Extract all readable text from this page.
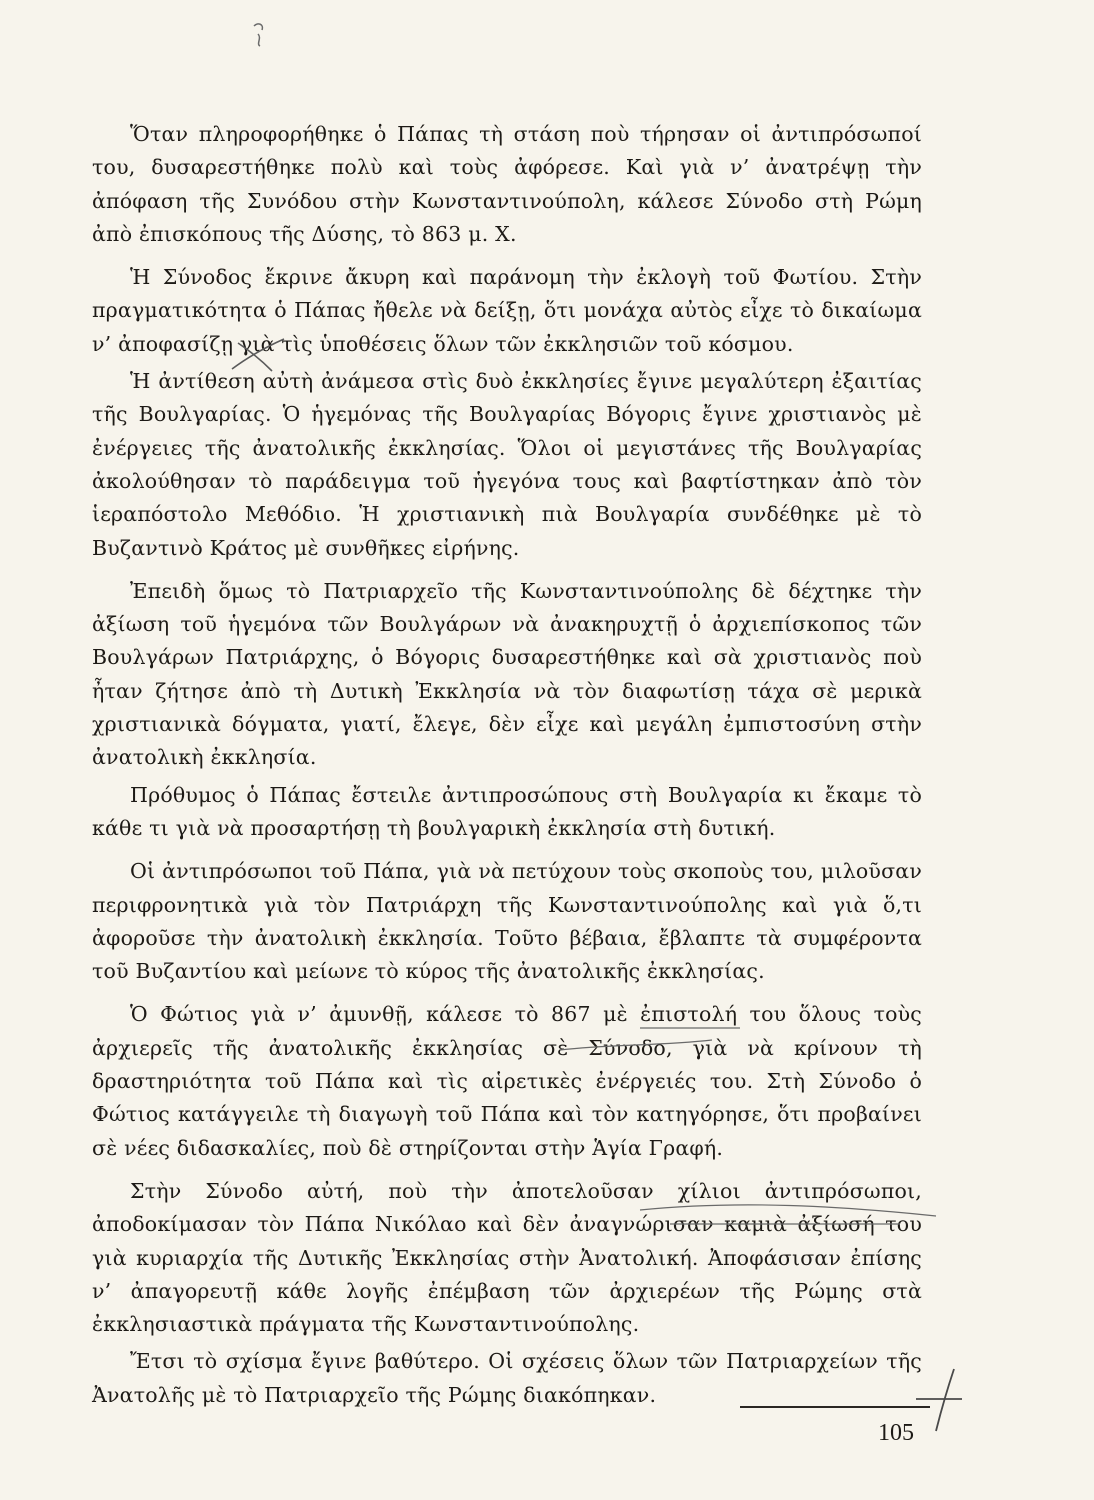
Ὅταν πληροφορήθηκε ὁ Πάπας τὴ στάση ποὺ τήρησαν οἱ ἀντιπρόσωποί του, δυσαρεστήθηκε πολὺ καὶ τοὺς ἀφόρεσε. Καὶ γιὰ ν’ ἀνατρέψῃ τὴν ἀπόφαση τῆς Συνόδου στὴν Κωνσταντινούπολη, κάλεσε Σύνοδο στὴ Ρώμη ἀπὸ ἐπισκόπους τῆς Δύσης, τὸ 863 μ. Χ.

Ἡ Σύνοδος ἔκρινε ἄκυρη καὶ παράνομη τὴν ἐκλογὴ τοῦ Φωτίου. Στὴν πραγματικότητα ὁ Πάπας ἤθελε νὰ δείξῃ, ὅτι μονάχα αὐτὸς εἶχε τὸ δικαίωμα ν’ ἀποφασίζῃ γιὰ τὶς ὑποθέσεις ὅλων τῶν ἐκκλησιῶν τοῦ κόσμου.

Ἡ ἀντίθεση αὐτὴ ἀνάμεσα στὶς δυὸ ἐκκλησίες ἔγινε μεγαλύτερη ἐξαιτίας τῆς Βουλγαρίας. Ὁ ἡγεμόνας τῆς Βουλγαρίας Βόγορις ἔγινε χριστιανὸς μὲ ἐνέργειες τῆς ἀνατολικῆς ἐκκλησίας. Ὅλοι οἱ μεγιστάνες τῆς Βουλγαρίας ἀκολούθησαν τὸ παράδειγμα τοῦ ἡγεγόνα τους καὶ βαφτίστηκαν ἀπὸ τὸν ἱεραπόστολο Μεθόδιο. Ἡ χριστιανικὴ πιὰ Βουλγαρία συνδέθηκε μὲ τὸ Βυζαντινὸ Κράτος μὲ συνθῆκες εἰρήνης.

Ἐπειδὴ ὅμως τὸ Πατριαρχεῖο τῆς Κωνσταντινούπολης δὲ δέχτηκε τὴν ἀξίωση τοῦ ἡγεμόνα τῶν Βουλγάρων νὰ ἀνακηρυχτῇ ὁ ἀρχιεπίσκοπος τῶν Βουλγάρων Πατριάρχης, ὁ Βόγορις δυσαρεστήθηκε καὶ σὰ χριστιανὸς ποὺ ἦταν ζήτησε ἀπὸ τὴ Δυτικὴ Ἐκκλησία νὰ τὸν διαφωτίσῃ τάχα σὲ μερικὰ χριστιανικὰ δόγματα, γιατί, ἔλεγε, δὲν εἶχε καὶ μεγάλη ἐμπιστοσύνη στὴν ἀνατολικὴ ἐκκλησία.

Πρόθυμος ὁ Πάπας ἔστειλε ἀντιπροσώπους στὴ Βουλγαρία κι ἔκαμε τὸ κάθε τι γιὰ νὰ προσαρτήσῃ τὴ βουλγαρικὴ ἐκκλησία στὴ δυτική.

Οἱ ἀντιπρόσωποι τοῦ Πάπα, γιὰ νὰ πετύχουν τοὺς σκοποὺς του, μιλοῦσαν περιφρονητικὰ γιὰ τὸν Πατριάρχη τῆς Κωνσταντινούπολης καὶ γιὰ ὅ,τι ἀφοροῦσε τὴν ἀνατολικὴ ἐκκλησία. Τοῦτο βέβαια, ἔβλαπτε τὰ συμφέροντα τοῦ Βυζαντίου καὶ μείωνε τὸ κύρος τῆς ἀνατολικῆς ἐκκλησίας.

Ὁ Φώτιος γιὰ ν’ ἀμυνθῇ, κάλεσε τὸ 867 μὲ ἐπιστολή του ὅλους τοὺς ἀρχιερεῖς τῆς ἀνατολικῆς ἐκκλησίας σὲ Σύνοδο, γιὰ νὰ κρίνουν τὴ δραστηριότητα τοῦ Πάπα καὶ τὶς αἱρετικὲς ἐνέργειές του. Στὴ Σύνοδο ὁ Φώτιος κατάγγειλε τὴ διαγωγὴ τοῦ Πάπα καὶ τὸν κατηγόρησε, ὅτι προβαίνει σὲ νέες διδασκαλίες, ποὺ δὲ στηρίζονται στὴν Ἁγία Γραφή.

Στὴν Σύνοδο αὐτή, ποὺ τὴν ἀποτελοῦσαν χίλιοι ἀντιπρόσωποι, ἀποδοκίμασαν τὸν Πάπα Νικόλαο καὶ δὲν ἀναγνώρισαν καμιὰ ἀξίωσή του γιὰ κυριαρχία τῆς Δυτικῆς Ἐκκλησίας στὴν Ἀνατολική. Ἀποφάσισαν ἐπίσης ν’ ἀπαγορευτῇ κάθε λογῆς ἐπέμβαση τῶν ἀρχιερέων τῆς Ρώμης στὰ ἐκκλησιαστικὰ πράγματα τῆς Κωνσταντινούπολης.

Ἔτσι τὸ σχίσμα ἔγινε βαθύτερο. Οἱ σχέσεις ὅλων τῶν Πατριαρχείων τῆς Ἀνατολῆς μὲ τὸ Πατριαρχεῖο τῆς Ρώμης διακόπηκαν.

105
